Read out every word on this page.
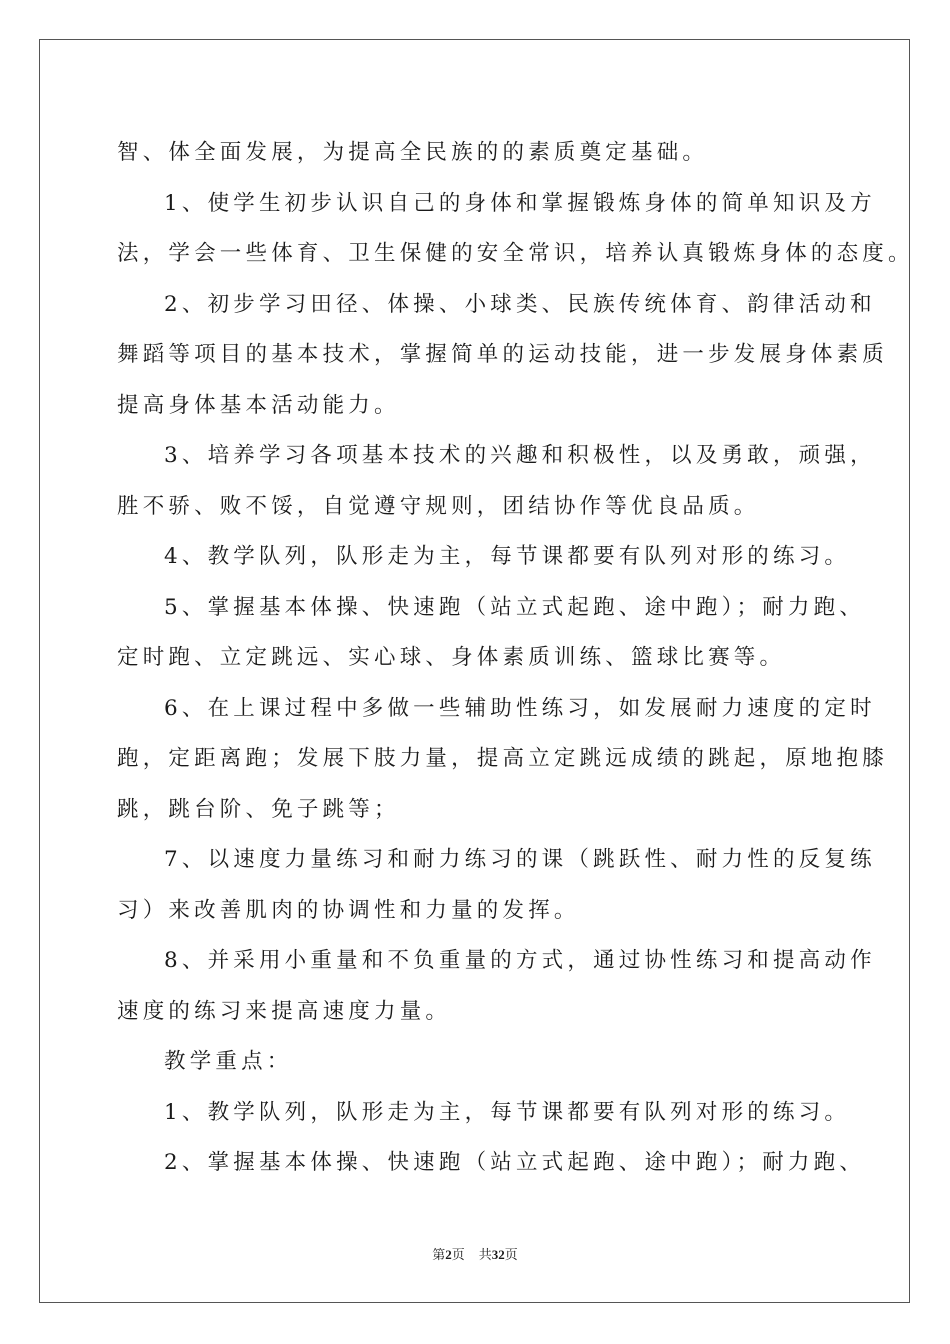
智、体全面发展，为提高全民族的的素质奠定基础。

1、使学生初步认识自己的身体和掌握锻炼身体的简单知识及方

法，学会一些体育、卫生保健的安全常识，培养认真锻炼身体的态度。

2、初步学习田径、体操、小球类、民族传统体育、韵律活动和

舞蹈等项目的基本技术，掌握简单的运动技能，进一步发展身体素质

提高身体基本活动能力。

3、培养学习各项基本技术的兴趣和积极性，以及勇敢，顽强，

胜不骄、败不馁，自觉遵守规则，团结协作等优良品质。

4、教学队列，队形走为主，每节课都要有队列对形的练习。

5、掌握基本体操、快速跑（站立式起跑、途中跑）；耐力跑、

定时跑、立定跳远、实心球、身体素质训练、篮球比赛等。

6、在上课过程中多做一些辅助性练习，如发展耐力速度的定时

跑，定距离跑；发展下肢力量，提高立定跳远成绩的跳起，原地抱膝

跳，跳台阶、免子跳等；

7、以速度力量练习和耐力练习的课（跳跃性、耐力性的反复练

习）来改善肌肉的协调性和力量的发挥。

8、并采用小重量和不负重量的方式，通过协性练习和提高动作

速度的练习来提高速度力量。

教学重点：

1、教学队列，队形走为主，每节课都要有队列对形的练习。

2、掌握基本体操、快速跑（站立式起跑、途中跑）；耐力跑、

第2页 共32页
